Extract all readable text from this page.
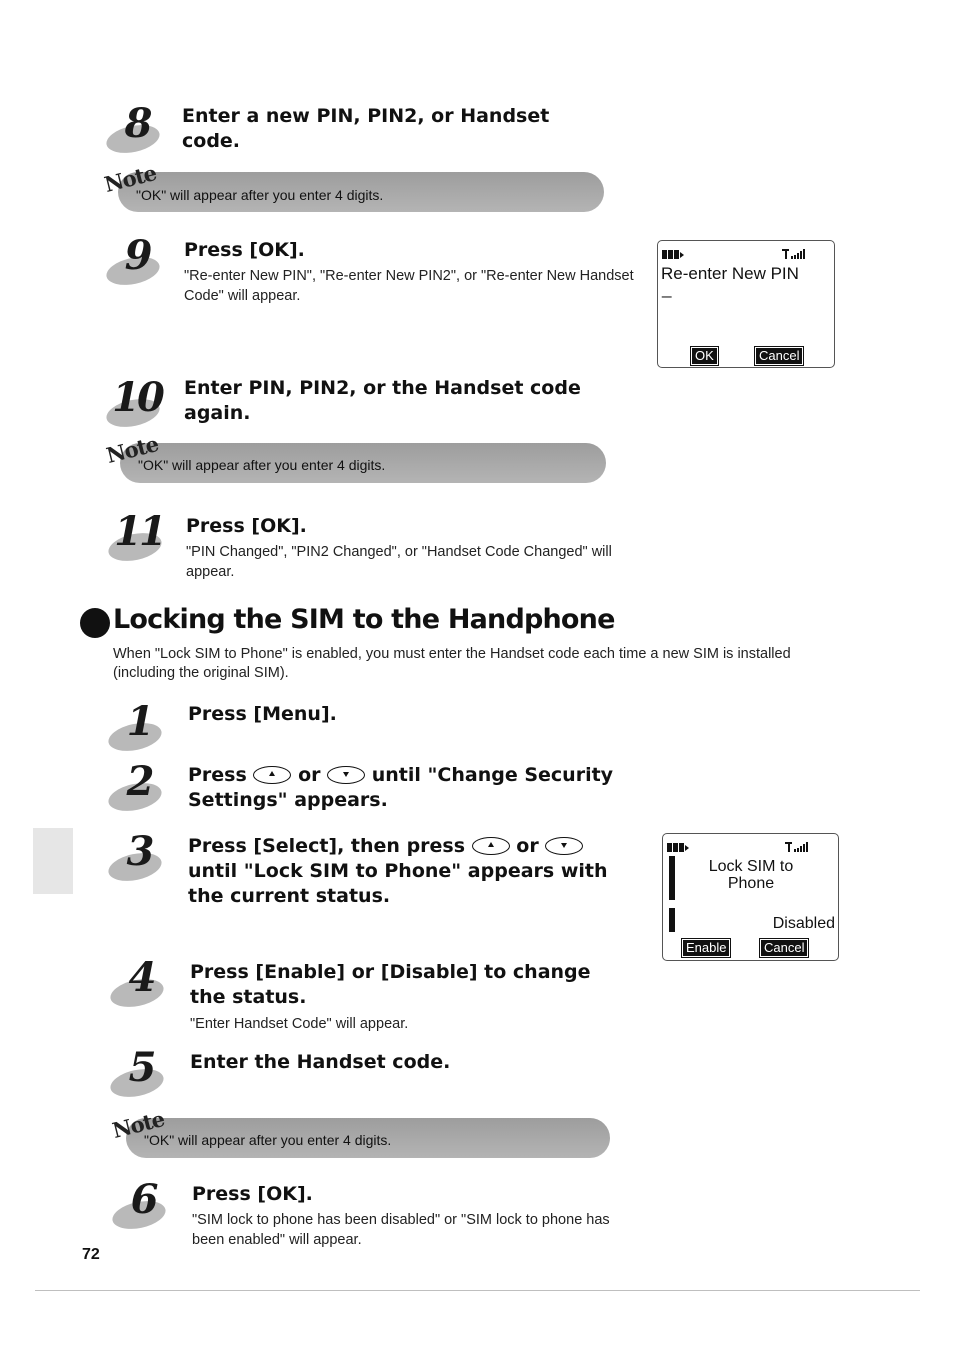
8	Enter a new PIN, PIN2, or Handset code.
Note
"OK" will appear after you enter 4 digits.
9	Press [OK].
"Re-enter New PIN", "Re-enter New PIN2", or "Re-enter New Handset Code" will appear.
Re-enter New PIN
_
OK	Cancel
10 Enter PIN, PIN2, or the Handset code again.
Note
"OK" will appear after you enter 4 digits.
11 Press [OK].
"PIN Changed", "PIN2 Changed", or "Handset Code Changed" will appear.
Locking the SIM to the Handphone
When "Lock SIM to Phone" is enabled, you must enter the Handset code each time a new SIM is installed (including the original SIM).
1	Press [Menu].
2	Press	or	until "Change Security Settings" appears.
3	Press [Select], then press	or  until "Lock SIM to Phone" appears with the current status.
Lock SIM to
Phone
Disabled
Enable	Cancel
4	Press [Enable] or [Disable] to change the status.
"Enter Handset Code" will appear.
5	Enter the Handset code.
Note
"OK" will appear after you enter 4 digits.
6	Press [OK].
"SIM lock to phone has been disabled" or "SIM lock to phone has been enabled" will appear.
72
